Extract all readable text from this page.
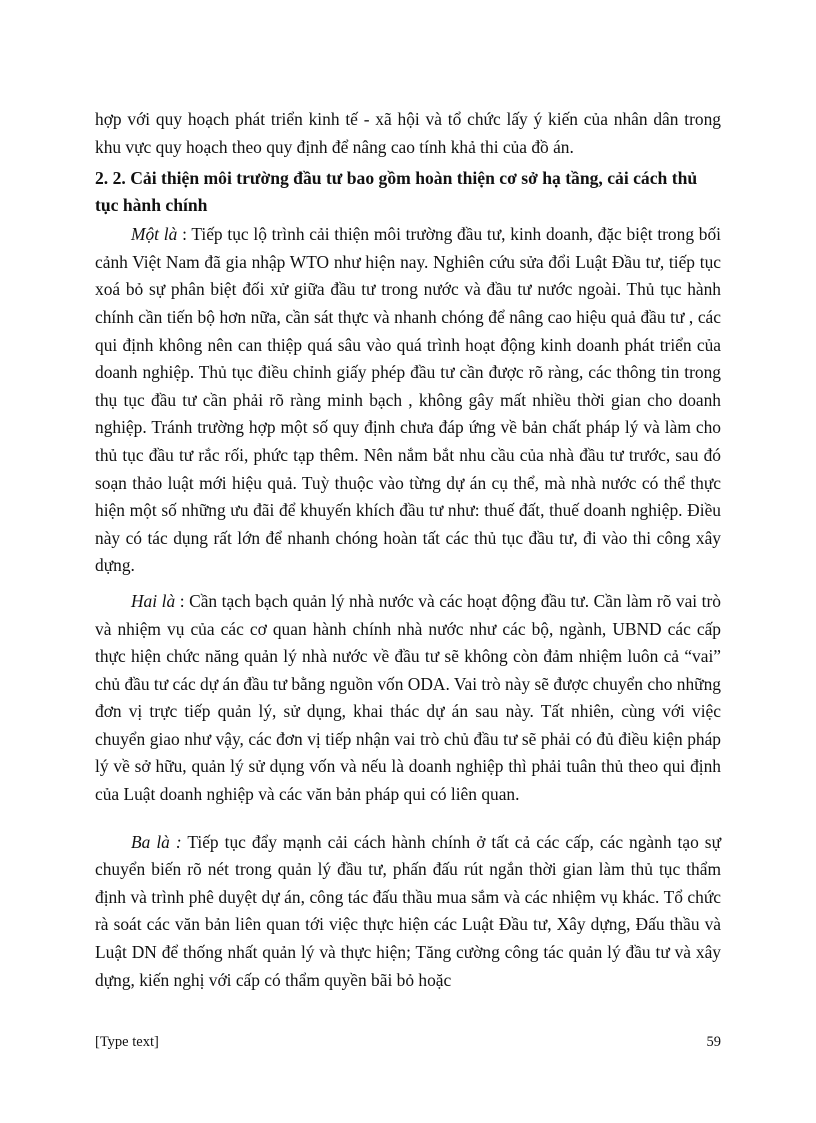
hợp với quy hoạch phát triển kinh tế - xã hội và tổ chức lấy ý kiến của nhân dân trong khu vực quy hoạch theo quy định để nâng cao tính khả thi của đồ án.

2. 2. Cải thiện môi trường đầu tư bao gồm hoàn thiện cơ sở hạ tầng, cải cách thủ tục hành chính

Một là : Tiếp tục lộ trình cải thiện môi trường đầu tư, kinh doanh, đặc biệt trong bối cảnh Việt Nam đã gia nhập WTO như hiện nay. Nghiên cứu sửa đổi Luật Đầu tư, tiếp tục xoá bỏ sự phân biệt đối xử giữa đầu tư trong nước và đầu tư nước ngoài. Thủ tục hành chính cần tiến bộ hơn nữa, cần sát thực và nhanh chóng để nâng cao hiệu quả đầu tư , các qui định không nên can thiệp quá sâu vào quá trình hoạt động kinh doanh phát triển của doanh nghiệp. Thủ tục điều chỉnh giấy phép đầu tư cần được rõ ràng, các thông tin trong thụ tục đầu tư cần phải rõ ràng minh bạch , không gây mất nhiều thời gian cho doanh nghiệp. Tránh trường hợp một số quy định chưa đáp ứng về bản chất pháp lý và làm cho thủ tục đầu tư rắc rối, phức tạp thêm. Nên nắm bắt nhu cầu của nhà đầu tư trước, sau đó soạn thảo luật mới hiệu quả. Tuỳ thuộc vào từng dự án cụ thể, mà nhà nước có thể thực hiện một số những ưu đãi để khuyến khích đầu tư như: thuế đất, thuế doanh nghiệp. Điều này có tác dụng rất lớn để nhanh chóng hoàn tất các thủ tục đầu tư, đi vào thi công xây dựng.

Hai là : Cần tạch bạch quản lý nhà nước và các hoạt động đầu tư. Cần làm rõ vai trò và nhiệm vụ của các cơ quan hành chính nhà nước như các bộ, ngành, UBND các cấp thực hiện chức năng quản lý nhà nước về đầu tư sẽ không còn đảm nhiệm luôn cả “vai” chủ đầu tư các dự án đầu tư bằng nguồn vốn ODA. Vai trò này sẽ được chuyển cho những đơn vị trực tiếp quản lý, sử dụng, khai thác dự án sau này. Tất nhiên, cùng với việc chuyển giao như vậy, các đơn vị tiếp nhận vai trò chủ đầu tư sẽ phải có đủ điều kiện pháp lý về sở hữu, quản lý sử dụng vốn và nếu là doanh nghiệp thì phải tuân thủ theo qui định của Luật doanh nghiệp và các văn bản pháp qui có liên quan.

Ba là : Tiếp tục đẩy mạnh cải cách hành chính ở tất cả các cấp, các ngành tạo sự chuyển biến rõ nét trong quản lý đầu tư, phấn đấu rút ngắn thời gian làm thủ tục thẩm định và trình phê duyệt dự án, công tác đấu thầu mua sắm và các nhiệm vụ khác. Tổ chức rà soát các văn bản liên quan tới việc thực hiện các Luật Đầu tư, Xây dựng, Đấu thầu và Luật DN để thống nhất quản lý và thực hiện; Tăng cường công tác quản lý đầu tư và xây dựng, kiến nghị với cấp có thẩm quyền bãi bỏ hoặc

[Type text]	59
